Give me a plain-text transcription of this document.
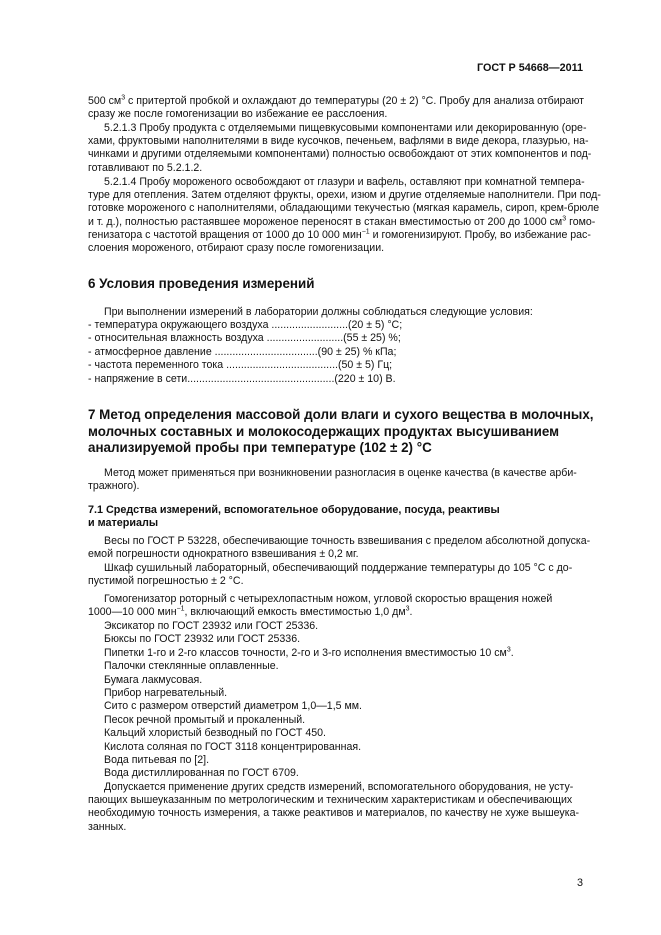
ГОСТ Р 54668—2011
500 $см^3$ с притертой пробкой и охлаждают до температуры (20 ± 2) °С. Пробу для анализа отбирают
сразу же после гомогенизации во избежание ее расслоения.
5.2.1.3 Пробу продукта с отделяемыми пищевкусовыми компонентами или декорированную (оре-
хами, фруктовыми наполнителями в виде кусочков, печеньем, вафлями в виде декора, глазурью, на-
чинками и другими отделяемыми компонентами) полностью освобождают от этих компонентов и под-
готавливают по 5.2.1.2.
5.2.1.4 Пробу мороженого освобождают от глазури и вафель, оставляют при комнатной темпера-
туре для отепления. Затем отделяют фрукты, орехи, изюм и другие отделяемые наполнители. При под-
готовке мороженого с наполнителями, обладающими текучестью (мягкая карамель, сироп, крем-брюле
и т. д.), полностью растаявшее мороженое переносят в стакан вместимостью от 200 до 1000 $см^3$ гомо-
генизатора с частотой вращения от 1000 до 10 000 мин$^{-1}$ и гомогенизируют. Пробу, во избежание рас-
слоения мороженого, отбирают сразу после гомогенизации.
6 Условия проведения измерений
При выполнении измерений в лаборатории должны соблюдаться следующие условия:
- температура окружающего воздуха ..........................(20 ± 5) °С;
- относительная влажность воздуха ..........................(55 ± 25) %;
- атмосферное давление ...................................(90 ± 25) % кПа;
- частота переменного тока ......................................(50 ± 5) Гц;
- напряжение в сети..................................................(220 ± 10) В.
7 Метод определения массовой доли влаги и сухого вещества в молочных,
молочных составных и молокосодержащих продуктах высушиванием
анализируемой пробы при температуре (102 ± 2) °С
Метод может применяться при возникновении разногласия в оценке качества (в качестве арби-
тражного).
7.1 Средства измерений, вспомогательное оборудование, посуда, реактивы
и материалы
Весы по ГОСТ Р 53228, обеспечивающие точность взвешивания с пределом абсолютной допуска-
емой погрешности однократного взвешивания ± 0,2 мг.
Шкаф сушильный лабораторный, обеспечивающий поддержание температуры до 105 °С с до-
пустимой погрешностью ± 2 °С.
Гомогенизатор роторный с четырехлопастным ножом, угловой скоростью вращения ножей
1000—10 000 мин$^{-1}$, включающий емкость вместимостью 1,0 $дм^3$.
Эксикатор по ГОСТ 23932 или ГОСТ 25336.
Бюксы по ГОСТ 23932 или ГОСТ 25336.
Пипетки 1-го и 2-го классов точности, 2-го и 3-го исполнения вместимостью 10 $см^3$.
Палочки стеклянные оплавленные.
Бумага лакмусовая.
Прибор нагревательный.
Сито с размером отверстий диаметром 1,0—1,5 мм.
Песок речной промытый и прокаленный.
Кальций хлористый безводный по ГОСТ 450.
Кислота соляная по ГОСТ 3118 концентрированная.
Вода питьевая по [2].
Вода дистиллированная по ГОСТ 6709.
Допускается применение других средств измерений, вспомогательного оборудования, не усту-
пающих вышеуказанным по метрологическим и техническим характеристикам и обеспечивающих
необходимую точность измерения, а также реактивов и материалов, по качеству не хуже вышеука-
занных.
3
